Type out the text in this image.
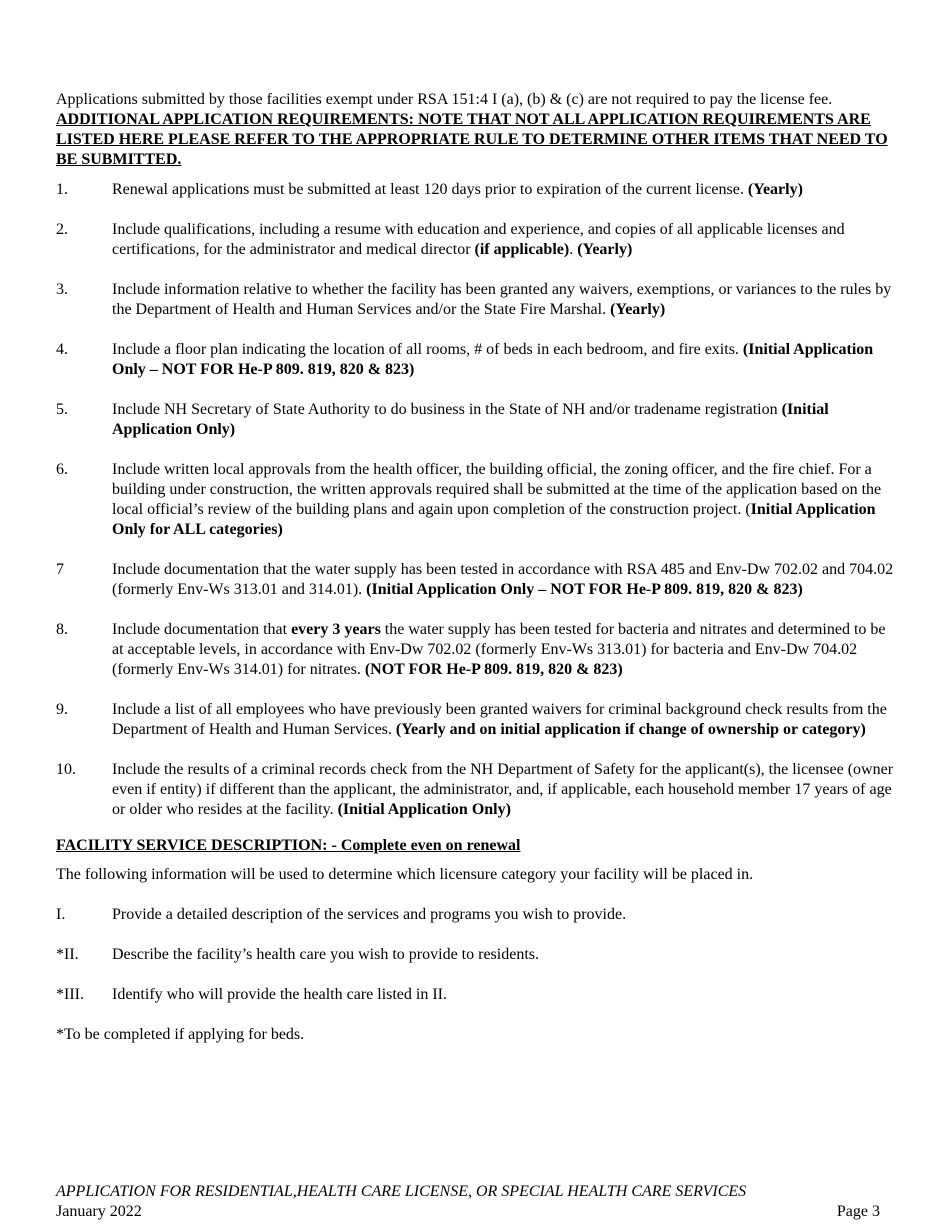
Applications submitted by those facilities exempt under RSA 151:4 I (a), (b) & (c) are not required to pay the license fee.

ADDITIONAL APPLICATION REQUIREMENTS: NOTE THAT NOT ALL APPLICATION REQUIREMENTS ARE LISTED HERE PLEASE REFER TO THE APPROPRIATE RULE TO DETERMINE OTHER ITEMS THAT NEED TO BE SUBMITTED.

1.	Renewal applications must be submitted at least 120 days prior to expiration of the current license. (Yearly)
2.	Include qualifications, including a resume with education and experience, and copies of all applicable licenses and certifications, for the administrator and medical director (if applicable). (Yearly)
3.	Include information relative to whether the facility has been granted any waivers, exemptions, or variances to the rules by the Department of Health and Human Services and/or the State Fire Marshal. (Yearly)
4.	Include a floor plan indicating the location of all rooms, # of beds in each bedroom, and fire exits. (Initial Application Only – NOT FOR He-P 809. 819, 820 & 823)
5.	Include NH Secretary of State Authority to do business in the State of NH and/or tradename registration (Initial Application Only)
6.	Include written local approvals from the health officer, the building official, the zoning officer, and the fire chief. For a building under construction, the written approvals required shall be submitted at the time of the application based on the local official’s review of the building plans and again upon completion of the construction project. (Initial Application Only for ALL categories)
7	Include documentation that the water supply has been tested in accordance with RSA 485 and Env-Dw 702.02 and 704.02 (formerly Env-Ws 313.01 and 314.01). (Initial Application Only – NOT FOR He-P 809. 819, 820 & 823)
8.	Include documentation that every 3 years the water supply has been tested for bacteria and nitrates and determined to be at acceptable levels, in accordance with Env-Dw 702.02 (formerly Env-Ws 313.01) for bacteria and Env-Dw 704.02 (formerly Env-Ws 314.01) for nitrates. (NOT FOR He-P 809. 819, 820 & 823)
9.	Include a list of all employees who have previously been granted waivers for criminal background check results from the Department of Health and Human Services. (Yearly and on initial application if change of ownership or category)
10.	Include the results of a criminal records check from the NH Department of Safety for the applicant(s), the licensee (owner even if entity) if different than the applicant, the administrator, and, if applicable, each household member 17 years of age or older who resides at the facility. (Initial Application Only)
FACILITY SERVICE DESCRIPTION: - Complete even on renewal
The following information will be used to determine which licensure category your facility will be placed in.
I.	Provide a detailed description of the services and programs you wish to provide.
*II.	Describe the facility’s health care you wish to provide to residents.
*III.	Identify who will provide the health care listed in II.
*To be completed if applying for beds.
APPLICATION FOR RESIDENTIAL,HEALTH CARE LICENSE, OR SPECIAL HEALTH CARE SERVICES
January 2022	Page 3
